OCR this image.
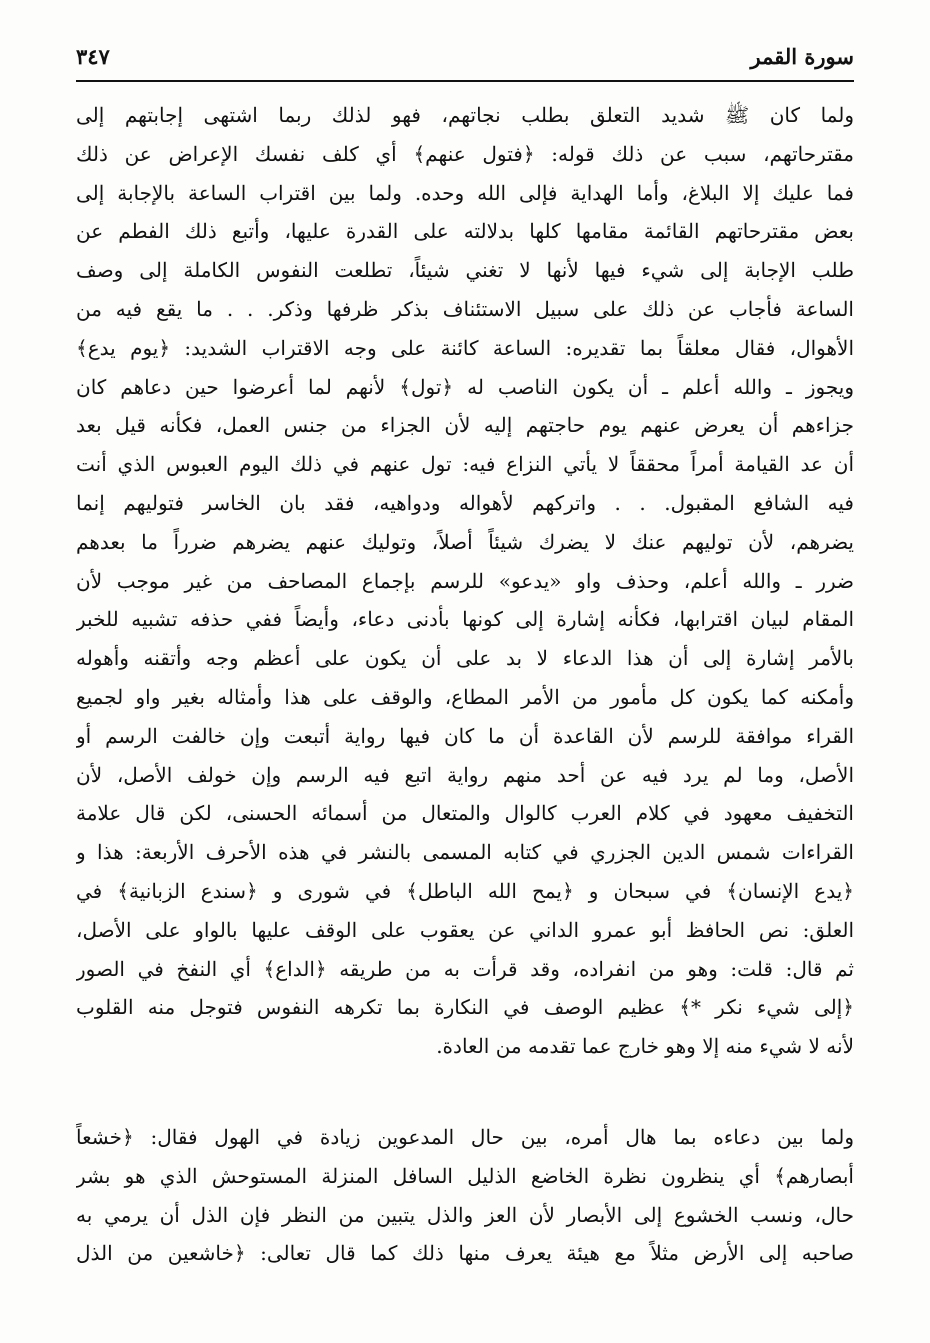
سورة القمر
٣٤٧
ولما كان ﷺ شديد التعلق بطلب نجاتهم، فهو لذلك ربما اشتهى إجابتهم إلى
مقترحاتهم، سبب عن ذلك قوله: ﴿فتول عنهم﴾ أي كلف نفسك الإعراض عن ذلك
فما عليك إلا البلاغ، وأما الهداية فإلى الله وحده. ولما بين اقتراب الساعة بالإجابة إلى
بعض مقترحاتهم القائمة مقامها كلها بدلالته على القدرة عليها، وأتبع ذلك الفطم عن
طلب الإجابة إلى شيء فيها لأنها لا تغني شيئاً، تطلعت النفوس الكاملة إلى وصف
الساعة فأجاب عن ذلك على سبيل الاستئناف بذكر ظرفها وذكر. . . ما يقع فيه من
الأهوال، فقال معلقاً بما تقديره: الساعة كائنة على وجه الاقتراب الشديد: ﴿يوم يدع﴾
ويجوز ـ والله أعلم ـ أن يكون الناصب له ﴿تول﴾ لأنهم لما أعرضوا حين دعاهم كان
جزاءهم أن يعرض عنهم يوم حاجتهم إليه لأن الجزاء من جنس العمل، فكأنه قيل بعد
أن عد القيامة أمراً محققاً لا يأتي النزاع فيه: تول عنهم في ذلك اليوم العبوس الذي أنت
فيه الشافع المقبول. . . واتركهم لأهواله ودواهيه، فقد بان الخاسر فتوليهم إنما
يضرهم، لأن توليهم عنك لا يضرك شيئاً أصلاً، وتوليك عنهم يضرهم ضرراً ما بعدهم
ضرر ـ والله أعلم، وحذف واو «يدعو» للرسم بإجماع المصاحف من غير موجب لأن
المقام لبيان اقترابها، فكأنه إشارة إلى كونها بأدنى دعاء، وأيضاً ففي حذفه تشبيه للخبر
بالأمر إشارة إلى أن هذا الدعاء لا بد على أن يكون على أعظم وجه وأتقنه وأهوله
وأمكنه كما يكون كل مأمور من الأمر المطاع، والوقف على هذا وأمثاله بغير واو لجميع
القراء موافقة للرسم لأن القاعدة أن ما كان فيها رواية أتبعت وإن خالفت الرسم أو
الأصل، وما لم يرد فيه عن أحد منهم رواية اتبع فيه الرسم وإن خولف الأصل، لأن
التخفيف معهود في كلام العرب كالوال والمتعال من أسمائه الحسنى، لكن قال علامة
القراءات شمس الدين الجزري في كتابه المسمى بالنشر في هذه الأحرف الأربعة: هذا و
﴿يدع الإنسان﴾ في سبحان و ﴿يمح الله الباطل﴾ في شورى و ﴿سندع الزبانية﴾ في
العلق: نص الحافظ أبو عمرو الداني عن يعقوب على الوقف عليها بالواو على الأصل،
ثم قال: قلت: وهو من انفراده، وقد قرأت به من طريقه ﴿الداع﴾ أي النفخ في الصور
﴿إلى شيء نكر *﴾ عظيم الوصف في النكارة بما تكرهه النفوس فتوجل منه القلوب
لأنه لا شيء منه إلا وهو خارج عما تقدمه من العادة.
ولما بين دعاءه بما هال أمره، بين حال المدعوين زيادة في الهول فقال: ﴿خشعاً
أبصارهم﴾ أي ينظرون نظرة الخاضع الذليل السافل المنزلة المستوحش الذي هو بشر
حال، ونسب الخشوع إلى الأبصار لأن العز والذل يتبين من النظر فإن الذل أن يرمي به
صاحبه إلى الأرض مثلاً مع هيئة يعرف منها ذلك كما قال تعالى: ﴿خاشعين من الذل
